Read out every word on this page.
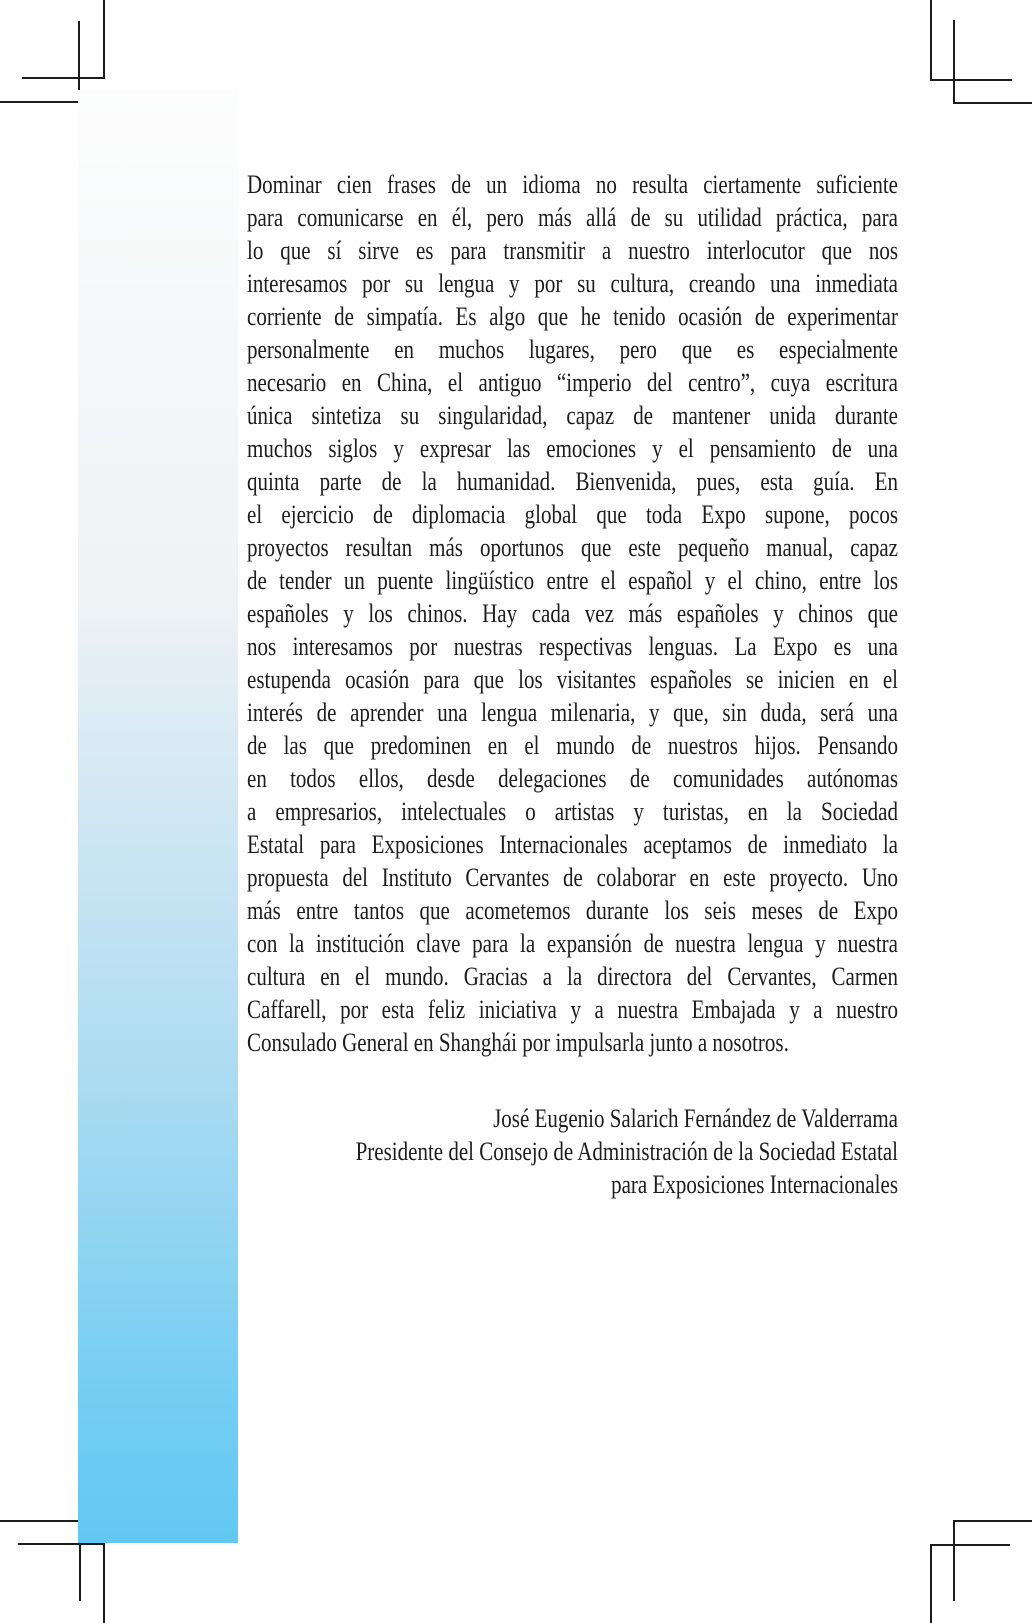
Dominar cien frases de un idioma no resulta ciertamente suficiente
para comunicarse en él, pero más allá de su utilidad práctica, para
lo que sí sirve es para transmitir a nuestro interlocutor que nos
interesamos por su lengua y por su cultura, creando una inmediata
corriente de simpatía. Es algo que he tenido ocasión de experimentar
personalmente en muchos lugares, pero que es especialmente
necesario en China, el antiguo “imperio del centro”, cuya escritura
única sintetiza su singularidad, capaz de mantener unida durante
muchos siglos y expresar las emociones y el pensamiento de una
quinta parte de la humanidad. Bienvenida, pues, esta guía. En
el ejercicio de diplomacia global que toda Expo supone, pocos
proyectos resultan más oportunos que este pequeño manual, capaz
de tender un puente lingüístico entre el español y el chino, entre los
españoles y los chinos. Hay cada vez más españoles y chinos que
nos interesamos por nuestras respectivas lenguas. La Expo es una
estupenda ocasión para que los visitantes españoles se inicien en el
interés de aprender una lengua milenaria, y que, sin duda, será una
de las que predominen en el mundo de nuestros hijos. Pensando
en todos ellos, desde delegaciones de comunidades autónomas
a empresarios, intelectuales o artistas y turistas, en la Sociedad
Estatal para Exposiciones Internacionales aceptamos de inmediato la
propuesta del Instituto Cervantes de colaborar en este proyecto. Uno
más entre tantos que acometemos durante los seis meses de Expo
con la institución clave para la expansión de nuestra lengua y nuestra
cultura en el mundo. Gracias a la directora del Cervantes, Carmen
Caffarell, por esta feliz iniciativa y a nuestra Embajada y a nuestro
Consulado General en Shanghái por impulsarla junto a nosotros.
José Eugenio Salarich Fernández de Valderrama
Presidente del Consejo de Administración de la Sociedad Estatal
para Exposiciones Internacionales
